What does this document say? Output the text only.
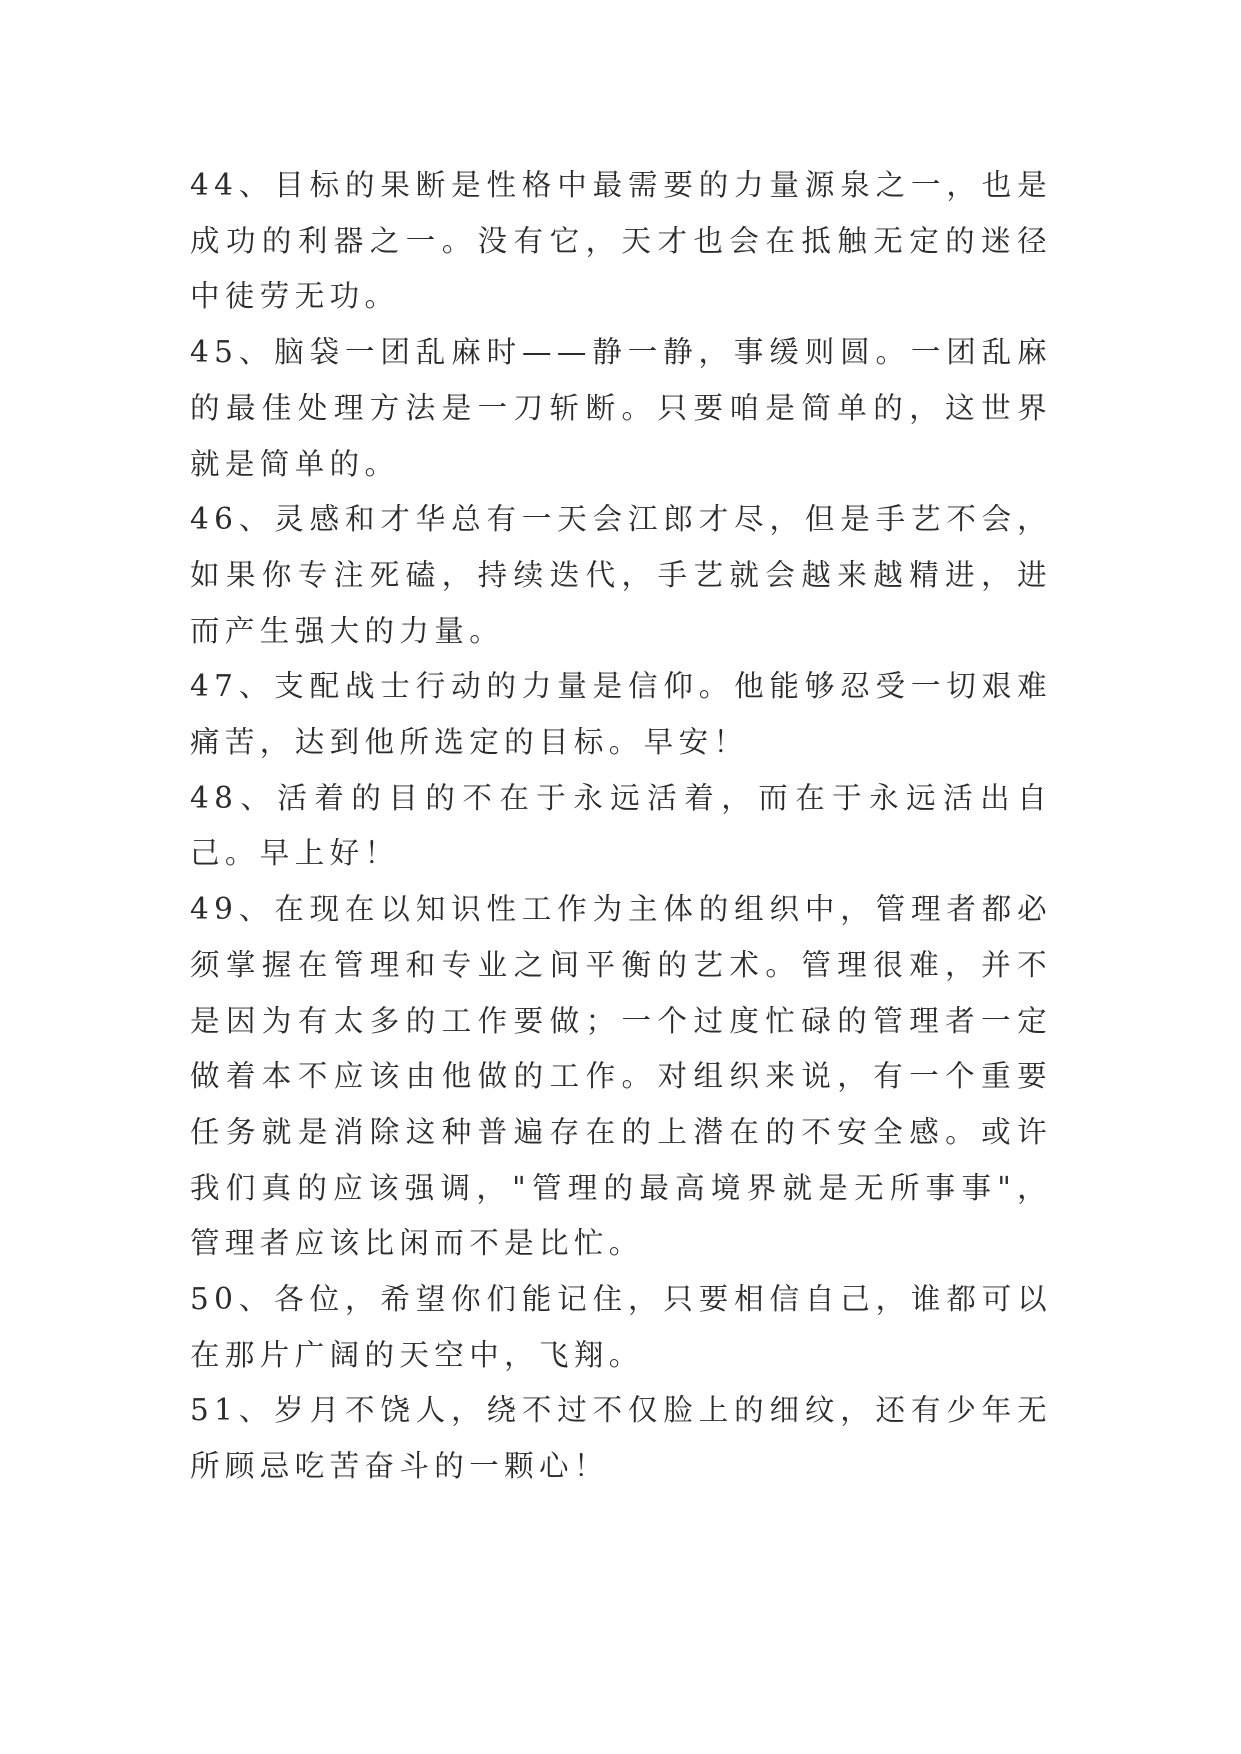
44、目标的果断是性格中最需要的力量源泉之一，也是成功的利器之一。没有它，天才也会在抵触无定的迷径中徒劳无功。

45、脑袋一团乱麻时——静一静，事缓则圆。一团乱麻的最佳处理方法是一刀斩断。只要咱是简单的，这世界就是简单的。

46、灵感和才华总有一天会江郎才尽，但是手艺不会，如果你专注死磕，持续迭代，手艺就会越来越精进，进而产生强大的力量。

47、支配战士行动的力量是信仰。他能够忍受一切艰难痛苦，达到他所选定的目标。早安！

48、活着的目的不在于永远活着，而在于永远活出自己。早上好！

49、在现在以知识性工作为主体的组织中，管理者都必须掌握在管理和专业之间平衡的艺术。管理很难，并不是因为有太多的工作要做；一个过度忙碌的管理者一定做着本不应该由他做的工作。对组织来说，有一个重要任务就是消除这种普遍存在的上潜在的不安全感。或许我们真的应该强调，"管理的最高境界就是无所事事"，管理者应该比闲而不是比忙。

50、各位，希望你们能记住，只要相信自己，谁都可以在那片广阔的天空中，飞翔。

51、岁月不饶人，绕不过不仅脸上的细纹，还有少年无所顾忌吃苦奋斗的一颗心！
